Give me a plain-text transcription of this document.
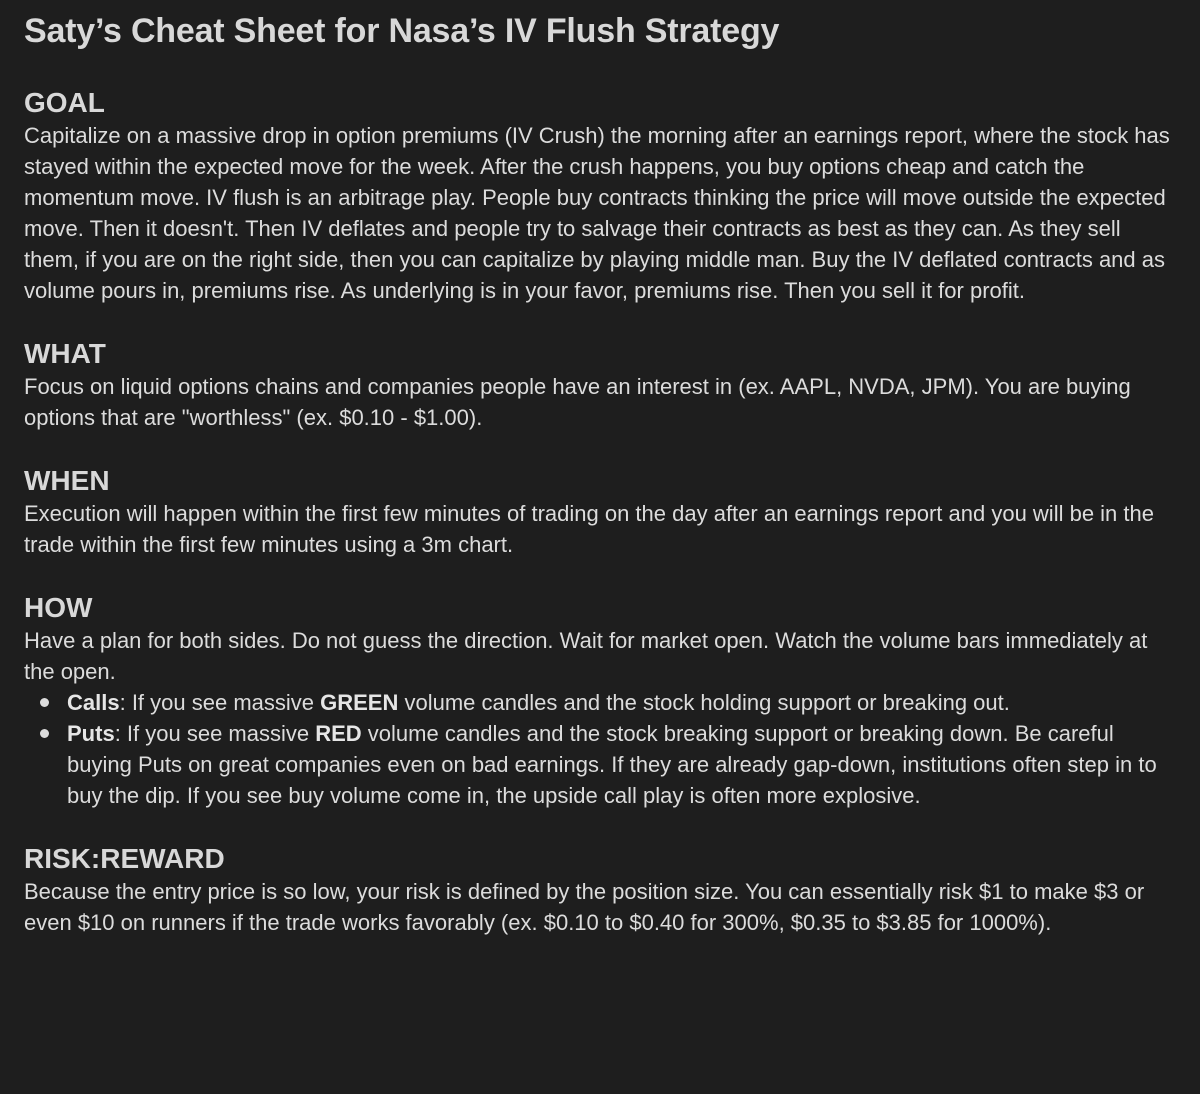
Saty’s Cheat Sheet for Nasa’s IV Flush Strategy
GOAL

Capitalize on a massive drop in option premiums (IV Crush) the morning after an earnings report, where the stock has stayed within the expected move for the week. After the crush happens, you buy options cheap and catch the momentum move. IV flush is an arbitrage play. People buy contracts thinking the price will move outside the expected move. Then it doesn't. Then IV deflates and people try to salvage their contracts as best as they can. As they sell them, if you are on the right side, then you can capitalize by playing middle man. Buy the IV deflated contracts and as volume pours in, premiums rise. As underlying is in your favor, premiums rise. Then you sell it for profit.

WHAT

Focus on liquid options chains and companies people have an interest in (ex. AAPL, NVDA, JPM). You are buying options that are "worthless" (ex. $0.10 - $1.00).

WHEN

Execution will happen within the first few minutes of trading on the day after an earnings report and you will be in the trade within the first few minutes using a 3m chart.

HOW

Have a plan for both sides. Do not guess the direction. Wait for market open. Watch the volume bars immediately at the open.

Calls: If you see massive GREEN volume candles and the stock holding support or breaking out.
Puts: If you see massive RED volume candles and the stock breaking support or breaking down. Be careful buying Puts on great companies even on bad earnings. If they are already gap-down, institutions often step in to buy the dip. If you see buy volume come in, the upside call play is often more explosive.
RISK:REWARD

Because the entry price is so low, your risk is defined by the position size. You can essentially risk $1 to make $3 or even $10 on runners if the trade works favorably (ex. $0.10 to $0.40 for 300%, $0.35 to $3.85 for 1000%).
